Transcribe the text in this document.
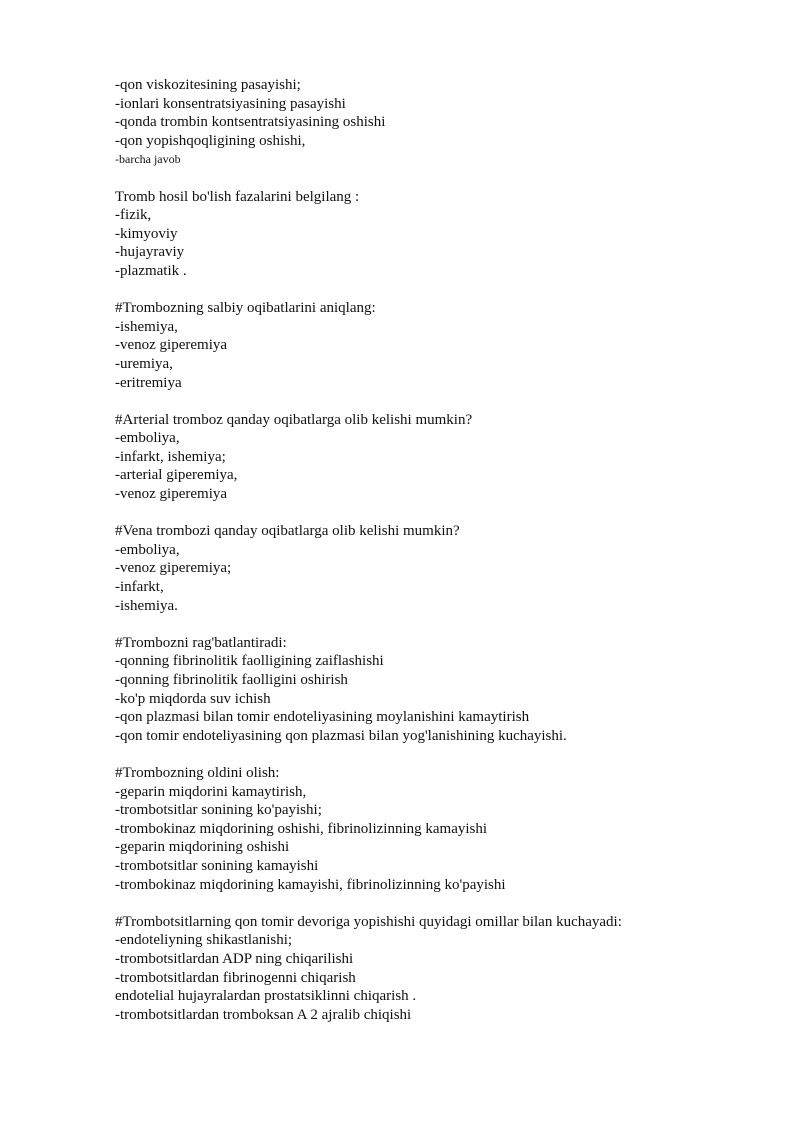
-qon viskozitesining pasayishi;
-ionlari konsentratsiyasining pasayishi
-qonda trombin kontsentratsiyasining oshishi
-qon yopishqoqligining oshishi,
-barcha javob
Tromb hosil bo'lish fazalarini belgilang :
-fizik,
-kimyoviy
-hujayraviy
-plazmatik .
#Trombozning salbiy oqibatlarini aniqlang:
-ishemiya,
-venoz giperemiya
-uremiya,
-eritremiya
#Arterial tromboz qanday oqibatlarga olib kelishi mumkin?
-emboliya,
-infarkt, ishemiya;
-arterial giperemiya,
-venoz giperemiya
#Vena trombozi qanday oqibatlarga olib kelishi mumkin?
-emboliya,
-venoz giperemiya;
-infarkt,
-ishemiya.
#Trombozni rag'batlantiradi:
-qonning fibrinolitik faolligining zaiflashishi
-qonning fibrinolitik faolligini oshirish
-ko'p miqdorda suv ichish
-qon plazmasi bilan tomir endoteliyasining moylanishini kamaytirish
-qon tomir endoteliyasining qon plazmasi bilan yog'lanishining kuchayishi.
#Trombozning oldini olish:
-geparin miqdorini kamaytirish,
-trombotsitlar sonining ko'payishi;
-trombokinaz miqdorining oshishi, fibrinolizinning kamayishi
-geparin miqdorining oshishi
-trombotsitlar sonining kamayishi
-trombokinaz miqdorining kamayishi, fibrinolizinning ko'payishi
#Trombotsitlarning qon tomir devoriga yopishishi quyidagi omillar bilan kuchayadi:
-endoteliyning shikastlanishi;
-trombotsitlardan ADP ning chiqarilishi
-trombotsitlardan fibrinogenni chiqarish
endotelial hujayralardan prostatsiklinni chiqarish .
-trombotsitlardan tromboksan A 2 ajralib chiqishi
